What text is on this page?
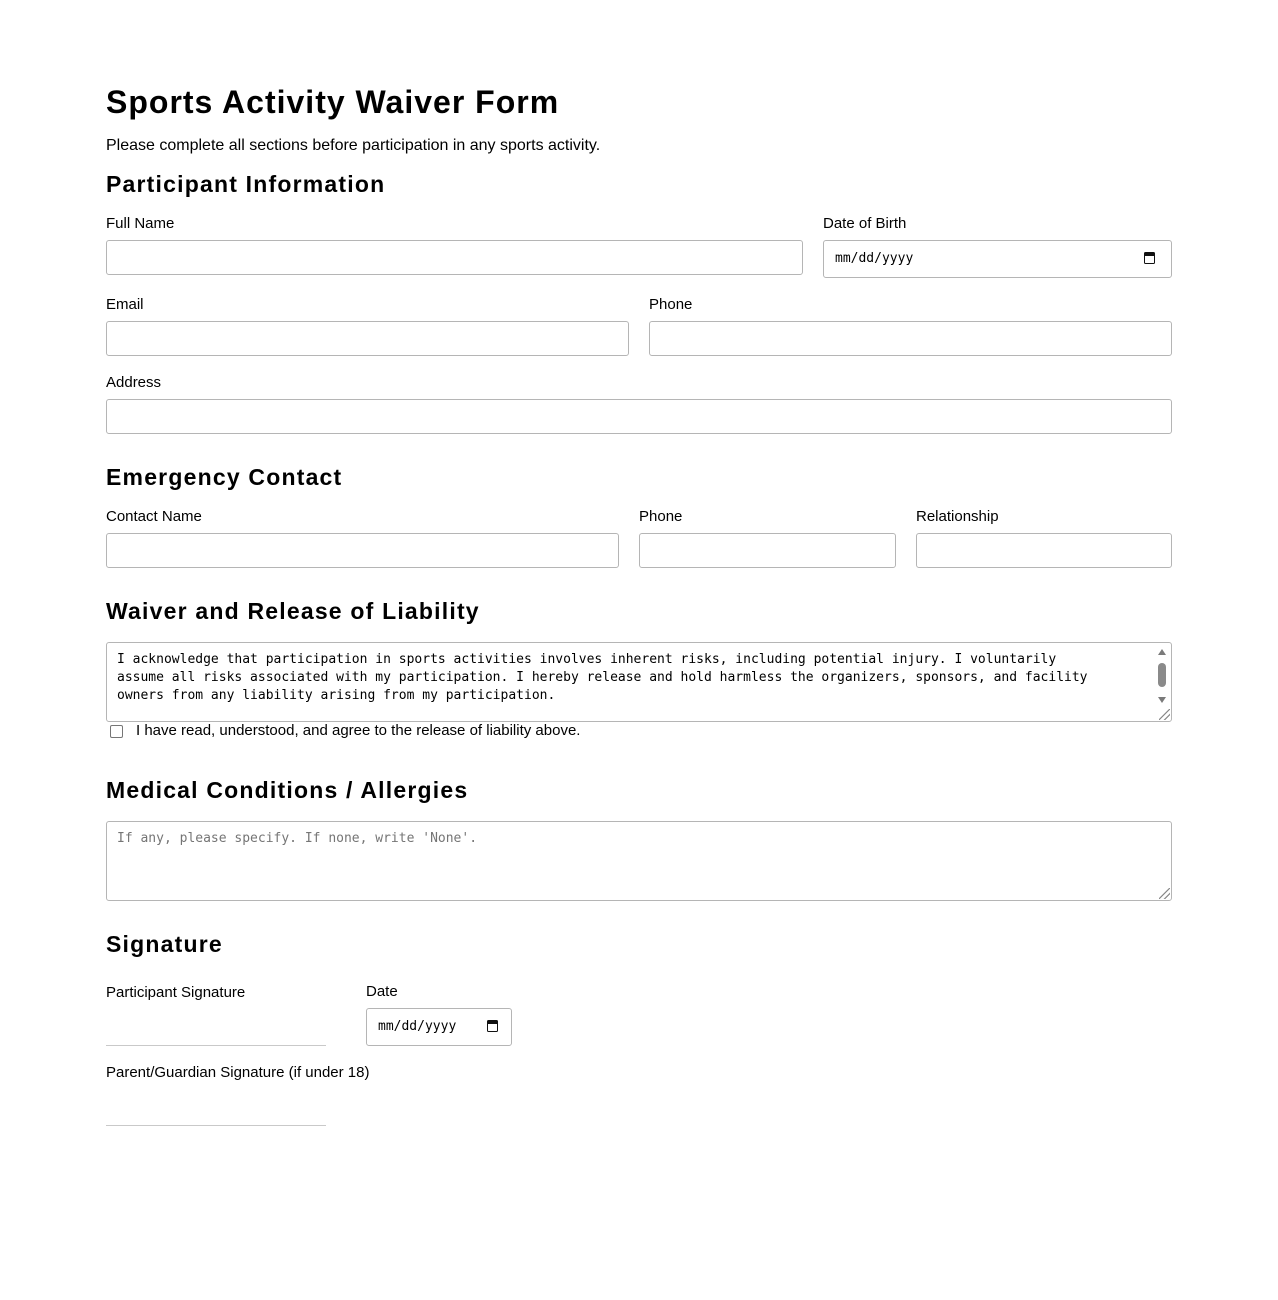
Sports Activity Waiver Form

Please complete all sections before participation in any sports activity.

Participant Information
Full Name	Date of Birth
mm/dd/yyyy
Email	Phone
Address
Emergency Contact
Contact Name	Phone	Relationship
Waiver and Release of Liability
I acknowledge that participation in sports activities involves inherent risks, including potential injury. I voluntarily
assume all risks associated with my participation. I hereby release and hold harmless the organizers, sponsors, and facility
owners from any liability arising from my participation.
I have read, understood, and agree to the release of liability above.
Medical Conditions / Allergies
If any, please specify. If none, write 'None'.
Signature
Participant Signature	Date
mm/dd/yyyy
Parent/Guardian Signature (if under 18)
